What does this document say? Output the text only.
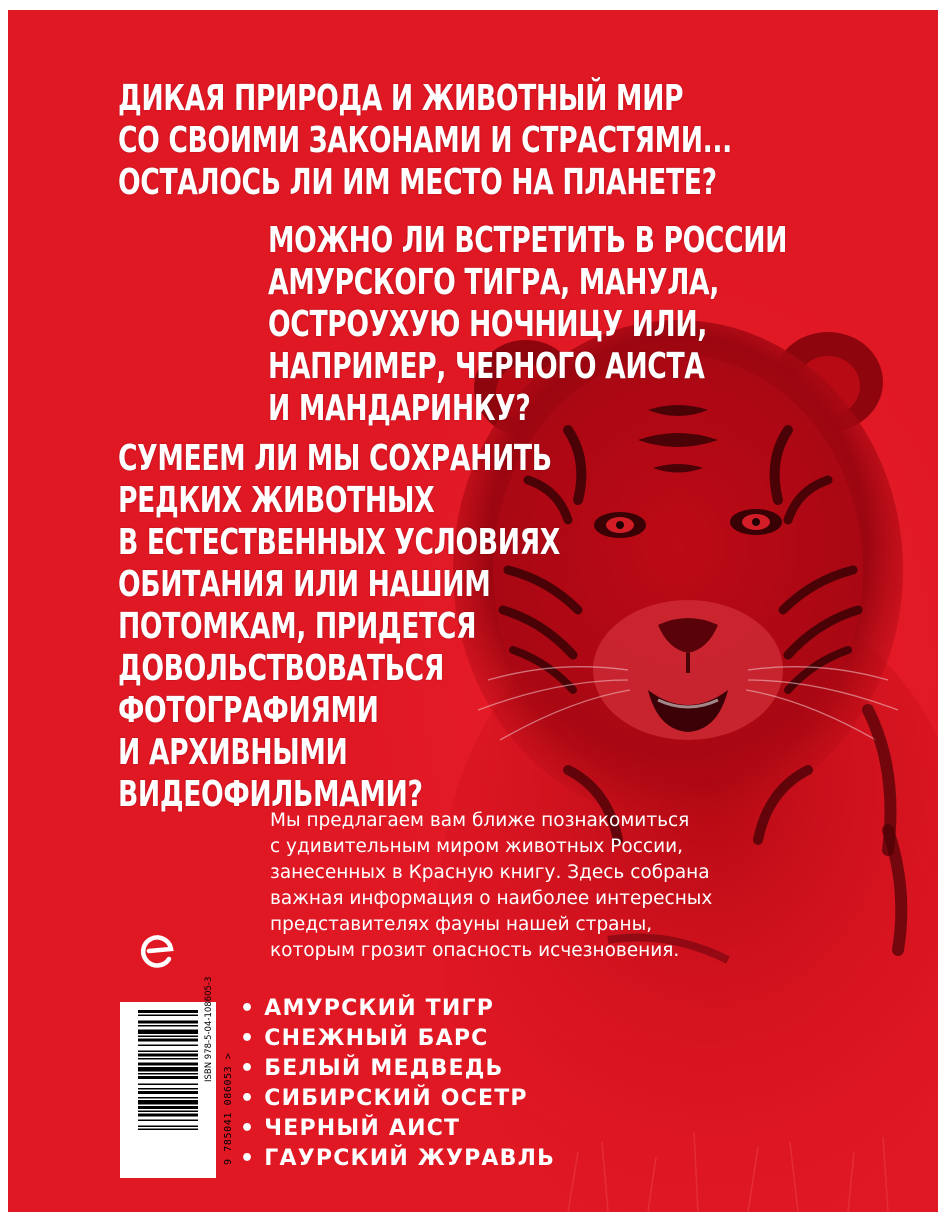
ДИКАЯ ПРИРОДА И ЖИВОТНЫЙ МИР
СО СВОИМИ ЗАКОНАМИ И СТРАСТЯМИ...
ОСТАЛОСЬ ЛИ ИМ МЕСТО НА ПЛАНЕТЕ?
МОЖНО ЛИ ВСТРЕТИТЬ В РОССИИ
АМУРСКОГО ТИГРА, МАНУЛА,
ОСТРОУХУЮ НОЧНИЦУ ИЛИ,
НАПРИМЕР, ЧЕРНОГО АИСТА
И МАНДАРИНКУ?
СУМЕЕМ ЛИ МЫ СОХРАНИТЬ
РЕДКИХ ЖИВОТНЫХ
В ЕСТЕСТВЕННЫХ УСЛОВИЯХ
ОБИТАНИЯ ИЛИ НАШИМ
ПОТОМКАМ, ПРИДЕТСЯ
ДОВОЛЬСТВОВАТЬСЯ
ФОТОГРАФИЯМИ
И АРХИВНЫМИ
ВИДЕОФИЛЬМАМИ?
Мы предлагаем вам ближе познакомиться
с удивительным миром животных России,
занесенных в Красную книгу. Здесь собрана
важная информация о наиболее интересных
представителях фауны нашей страны,
которым грозит опасность исчезновения.
ISBN 978-5-04-108605-3
9 785041 086053 >
• АМУРСКИЙ ТИГР
• СНЕЖНЫЙ БАРС
• БЕЛЫЙ МЕДВЕДЬ
• СИБИРСКИЙ ОСЕТР
• ЧЕРНЫЙ АИСТ
• ГАУРСКИЙ ЖУРАВЛЬ
